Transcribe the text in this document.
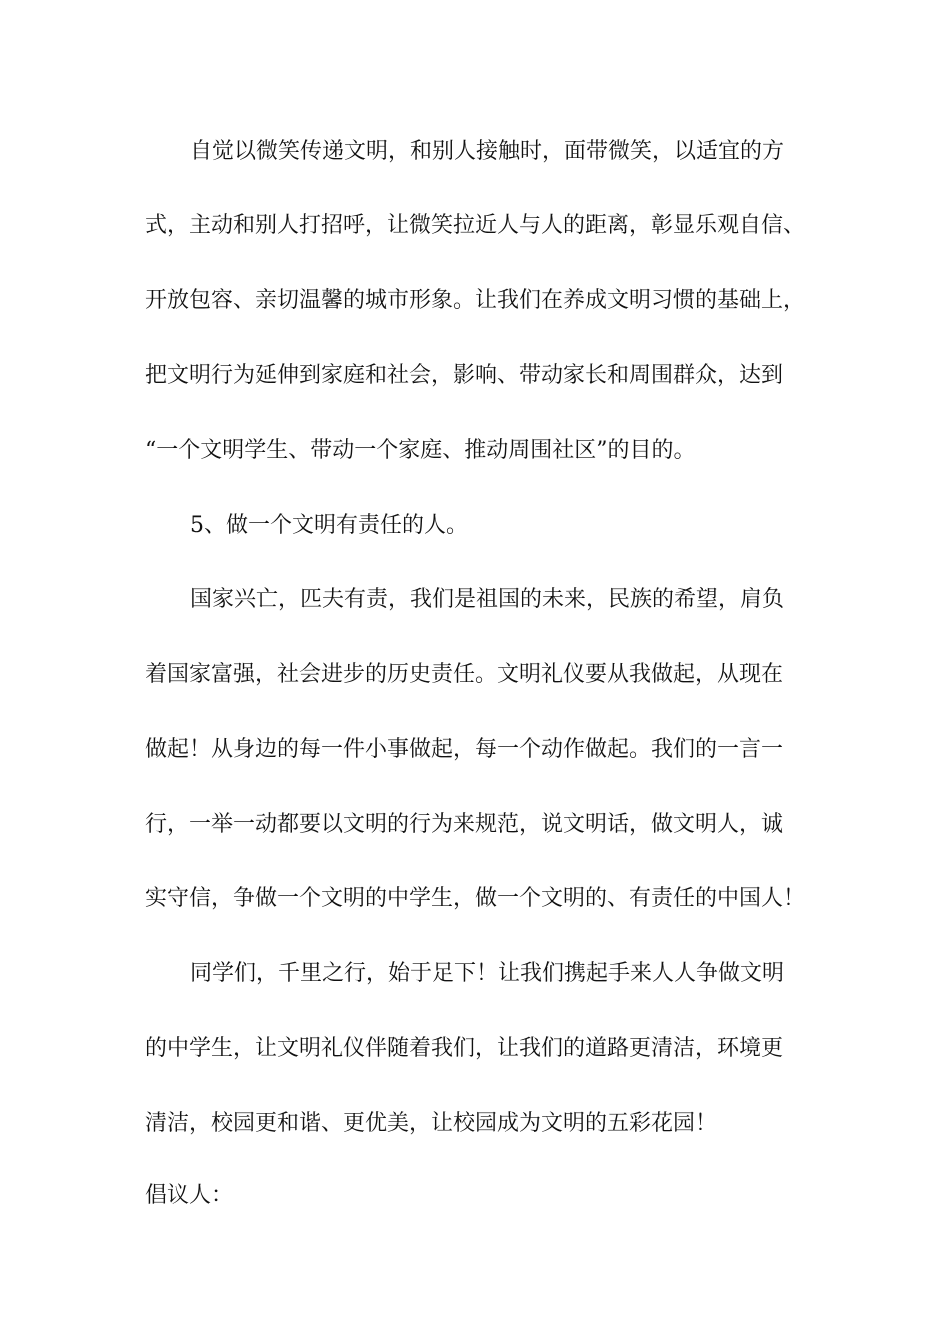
自觉以微笑传递文明，和别人接触时，面带微笑，以适宜的方
式，主动和别人打招呼，让微笑拉近人与人的距离，彰显乐观自信、
开放包容、亲切温馨的城市形象。让我们在养成文明习惯的基础上，
把文明行为延伸到家庭和社会，影响、带动家长和周围群众，达到
“一个文明学生、带动一个家庭、推动周围社区”的目的。
5、做一个文明有责任的人。
国家兴亡，匹夫有责，我们是祖国的未来，民族的希望，肩负
着国家富强，社会进步的历史责任。文明礼仪要从我做起，从现在
做起！从身边的每一件小事做起，每一个动作做起。我们的一言一
行，一举一动都要以文明的行为来规范，说文明话，做文明人，诚
实守信，争做一个文明的中学生，做一个文明的、有责任的中国人！
同学们，千里之行，始于足下！让我们携起手来人人争做文明
的中学生，让文明礼仪伴随着我们，让我们的道路更清洁，环境更
清洁，校园更和谐、更优美，让校园成为文明的五彩花园！
倡议人：
